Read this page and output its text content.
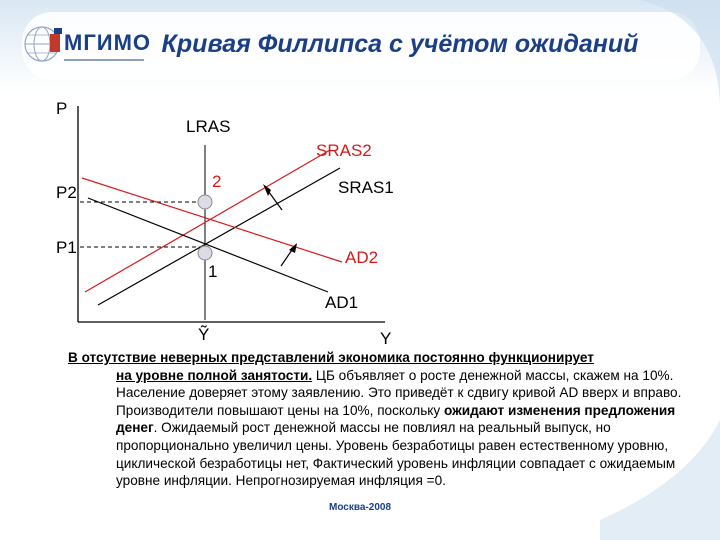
МГИМО Кривая Филлипса с учётом ожиданий
P
LRAS
SRAS2
SRAS1
P2
P1
2
1
AD2
AD1
Ỹ	Y

В отсутствие неверных представлений экономика постоянно функционирует

на уровне полной занятости. ЦБ объявляет о росте денежной массы, скажем на 10%. Население доверяет этому заявлению. Это приведёт к сдвигу кривой AD вверх и вправо. Производители повышают цены на 10%, поскольку ожидают изменения предложения денег. Ожидаемый рост денежной массы не повлиял на реальный выпуск, но пропорционально увеличил цены. Уровень безработицы равен естественному уровню, циклической безработицы нет, Фактический уровень инфляции совпадает с ожидаемым уровне инфляции. Непрогнозируемая инфляция =0.

Москва-2008
